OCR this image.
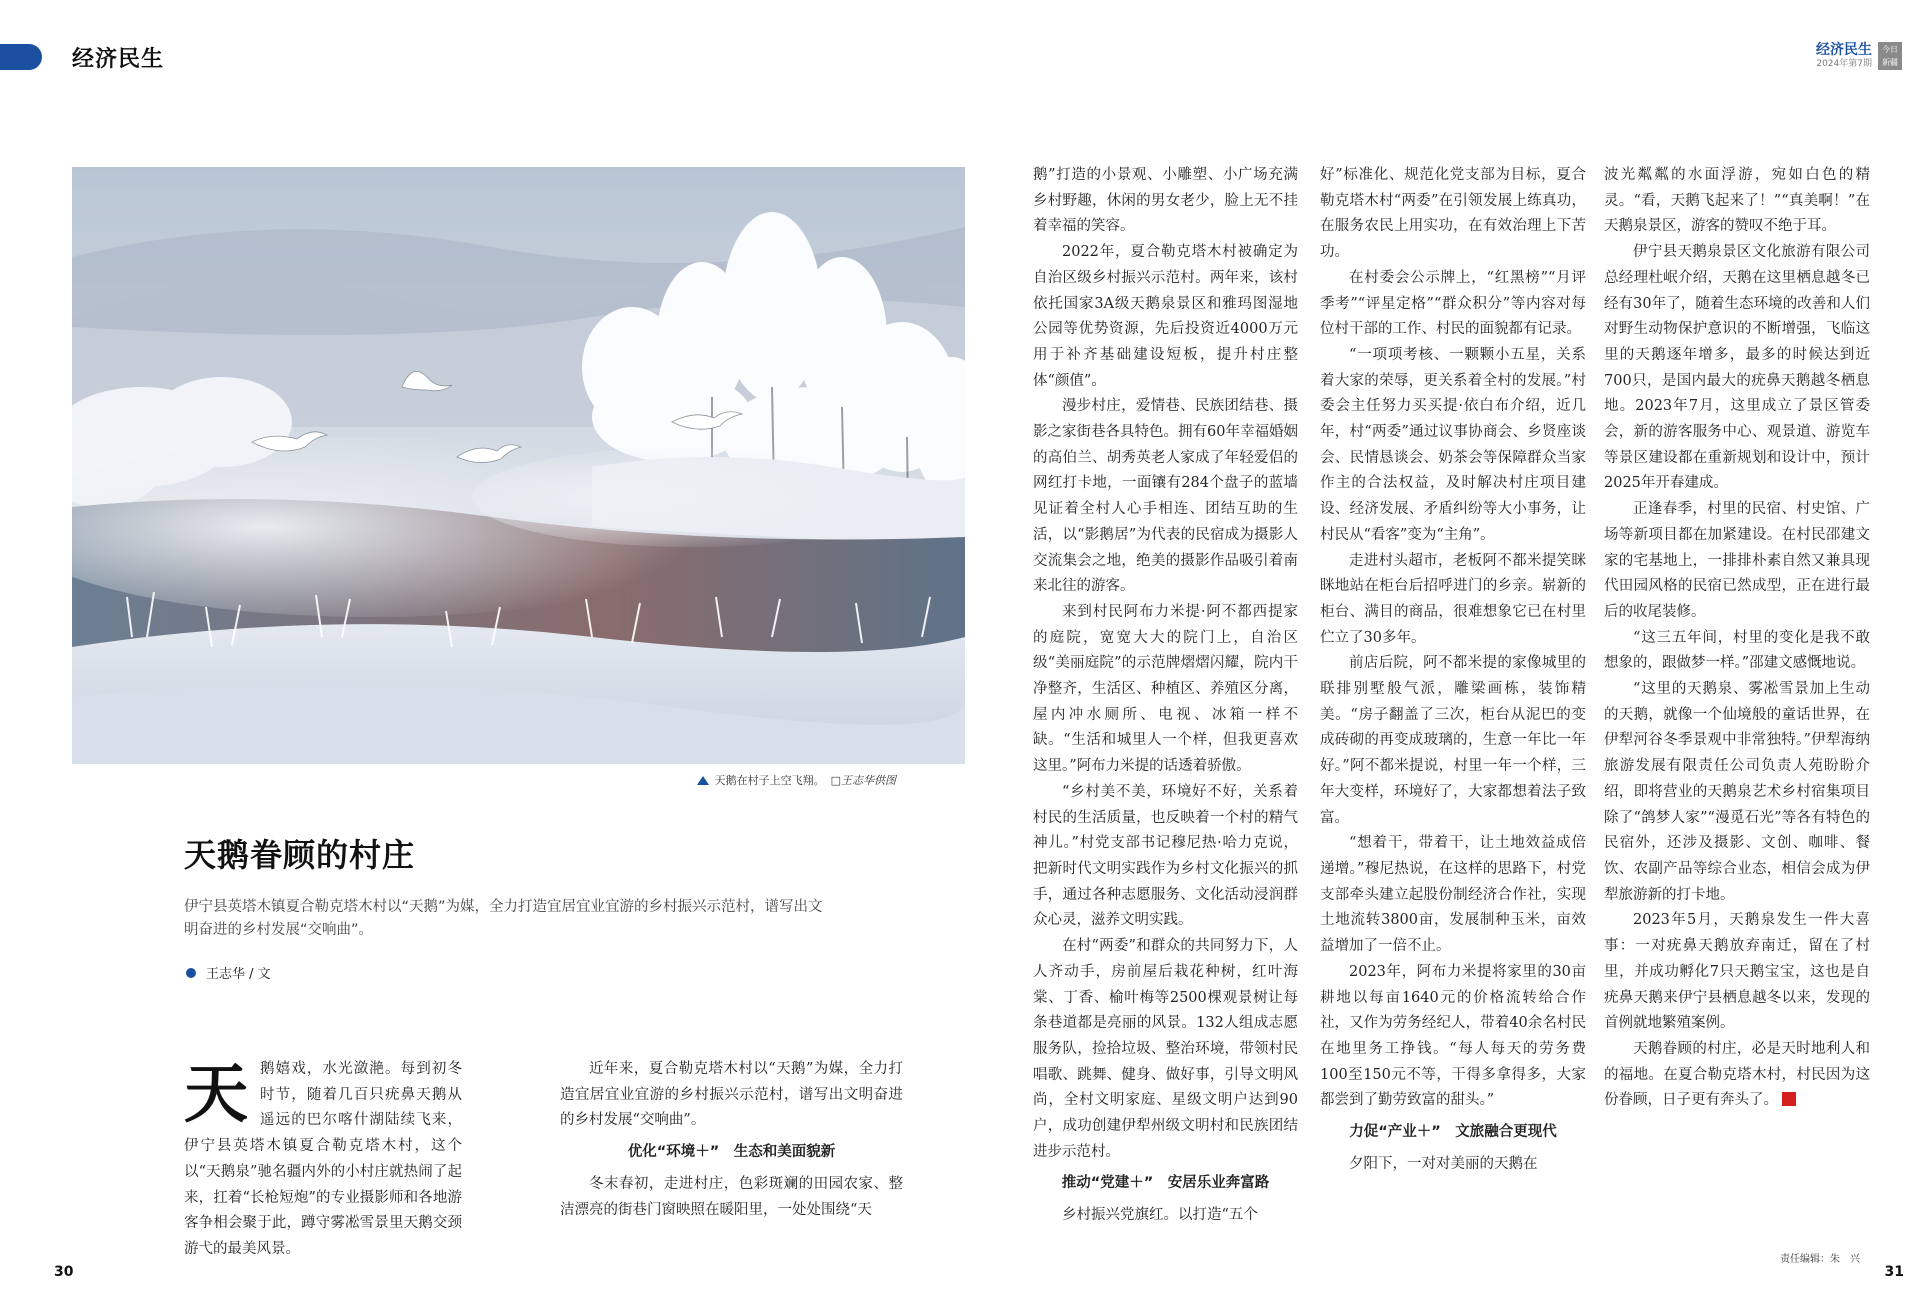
经济民生	经济民生
2024年第7期
今日
新疆
天鹅在村子上空飞翔。 □王志华供图
天鹅眷顾的村庄
伊宁县英塔木镇夏合勒克塔木村以“天鹅”为媒，全力打造宜居宜业宜游的乡村振兴示范村，谱写出文明奋进的乡村发展“交响曲”。
王志华 / 文
天 鹅嬉戏，水光潋滟。每到初冬时节，随着几百只疣鼻天鹅从遥远的巴尔喀什湖陆续飞来，伊宁县英塔木镇夏合勒克塔木村，这个以“天鹅泉”驰名疆内外的小村庄就热闹了起来，扛着“长枪短炮”的专业摄影师和各地游客争相会聚于此，蹲守雾凇雪景里天鹅交颈游弋的最美风景。

近年来，夏合勒克塔木村以“天鹅”为媒，全力打造宜居宜业宜游的乡村振兴示范村，谱写出文明奋进的乡村发展“交响曲”。

优化“环境＋”　生态和美面貌新

冬末春初，走进村庄，色彩斑斓的田园农家、整洁漂亮的街巷门窗映照在暖阳里，一处处围绕“天

鹅”打造的小景观、小雕塑、小广场充满乡村野趣，休闲的男女老少，脸上无不挂着幸福的笑容。

2022年，夏合勒克塔木村被确定为自治区级乡村振兴示范村。两年来，该村依托国家3A级天鹅泉景区和雅玛图湿地公园等优势资源，先后投资近4000万元用于补齐基础建设短板，提升村庄整体“颜值”。

漫步村庄，爱情巷、民族团结巷、摄影之家街巷各具特色。拥有60年幸福婚姻的高伯兰、胡秀英老人家成了年轻爱侣的网红打卡地，一面镶有284个盘子的蓝墙见证着全村人心手相连、团结互助的生活，以“影鹅居”为代表的民宿成为摄影人交流集会之地，绝美的摄影作品吸引着南来北往的游客。

来到村民阿布力米提·阿不都西提家的庭院，宽宽大大的院门上，自治区级“美丽庭院”的示范牌熠熠闪耀，院内干净整齐，生活区、种植区、养殖区分离，屋内冲水厕所、电视、冰箱一样不缺。“生活和城里人一个样，但我更喜欢这里。”阿布力米提的话透着骄傲。

“乡村美不美，环境好不好，关系着村民的生活质量，也反映着一个村的精气神儿。”村党支部书记穆尼热·哈力克说，把新时代文明实践作为乡村文化振兴的抓手，通过各种志愿服务、文化活动浸润群众心灵，滋养文明实践。

在村“两委”和群众的共同努力下，人人齐动手，房前屋后栽花种树，红叶海棠、丁香、榆叶梅等2500棵观景树让每条巷道都是亮丽的风景。132人组成志愿服务队，捡拾垃圾、整治环境，带领村民唱歌、跳舞、健身、做好事，引导文明风尚，全村文明家庭、星级文明户达到90户，成功创建伊犁州级文明村和民族团结进步示范村。

推动“党建＋”　安居乐业奔富路

乡村振兴党旗红。以打造“五个

好”标准化、规范化党支部为目标，夏合勒克塔木村“两委”在引领发展上练真功，在服务农民上用实功，在有效治理上下苦功。

在村委会公示牌上，“红黑榜”“月评季考”“评星定格”“群众积分”等内容对每位村干部的工作、村民的面貌都有记录。

“一项项考核、一颗颗小五星，关系着大家的荣辱，更关系着全村的发展。”村委会主任努力买买提·依白布介绍，近几年，村“两委”通过议事协商会、乡贤座谈会、民情恳谈会、奶茶会等保障群众当家作主的合法权益，及时解决村庄项目建设、经济发展、矛盾纠纷等大小事务，让村民从“看客”变为“主角”。

走进村头超市，老板阿不都米提笑眯眯地站在柜台后招呼进门的乡亲。崭新的柜台、满目的商品，很难想象它已在村里伫立了30多年。

前店后院，阿不都米提的家像城里的联排别墅般气派，雕梁画栋，装饰精美。“房子翻盖了三次，柜台从泥巴的变成砖砌的再变成玻璃的，生意一年比一年好。”阿不都米提说，村里一年一个样，三年大变样，环境好了，大家都想着法子致富。

“想着干，带着干，让土地效益成倍递增。”穆尼热说，在这样的思路下，村党支部牵头建立起股份制经济合作社，实现土地流转3800亩，发展制种玉米，亩效益增加了一倍不止。

2023年，阿布力米提将家里的30亩耕地以每亩1640元的价格流转给合作社，又作为劳务经纪人，带着40余名村民在地里务工挣钱。“每人每天的劳务费100至150元不等，干得多拿得多，大家都尝到了勤劳致富的甜头。”

力促“产业＋”　文旅融合更现代

夕阳下，一对对美丽的天鹅在

波光粼粼的水面浮游，宛如白色的精灵。“看，天鹅飞起来了！”“真美啊！”在天鹅泉景区，游客的赞叹不绝于耳。

伊宁县天鹅泉景区文化旅游有限公司总经理杜岷介绍，天鹅在这里栖息越冬已经有30年了，随着生态环境的改善和人们对野生动物保护意识的不断增强，飞临这里的天鹅逐年增多，最多的时候达到近700只，是国内最大的疣鼻天鹅越冬栖息地。2023年7月，这里成立了景区管委会，新的游客服务中心、观景道、游览车等景区建设都在重新规划和设计中，预计2025年开春建成。

正逢春季，村里的民宿、村史馆、广场等新项目都在加紧建设。在村民邵建文家的宅基地上，一排排朴素自然又兼具现代田园风格的民宿已然成型，正在进行最后的收尾装修。

“这三五年间，村里的变化是我不敢想象的，跟做梦一样。”邵建文感慨地说。

“这里的天鹅泉、雾凇雪景加上生动的天鹅，就像一个仙境般的童话世界，在伊犁河谷冬季景观中非常独特。”伊犁海纳旅游发展有限责任公司负责人苑盼盼介绍，即将营业的天鹅泉艺术乡村宿集项目除了“鸽梦人家”“漫觅石光”等各有特色的民宿外，还涉及摄影、文创、咖啡、餐饮、农副产品等综合业态，相信会成为伊犁旅游新的打卡地。

2023年5月，天鹅泉发生一件大喜事：一对疣鼻天鹅放弃南迁，留在了村里，并成功孵化7只天鹅宝宝，这也是自疣鼻天鹅来伊宁县栖息越冬以来，发现的首例就地繁殖案例。

天鹅眷顾的村庄，必是天时地利人和的福地。在夏合勒克塔木村，村民因为这份眷顾，日子更有奔头了。

30	31
责任编辑：朱　兴
